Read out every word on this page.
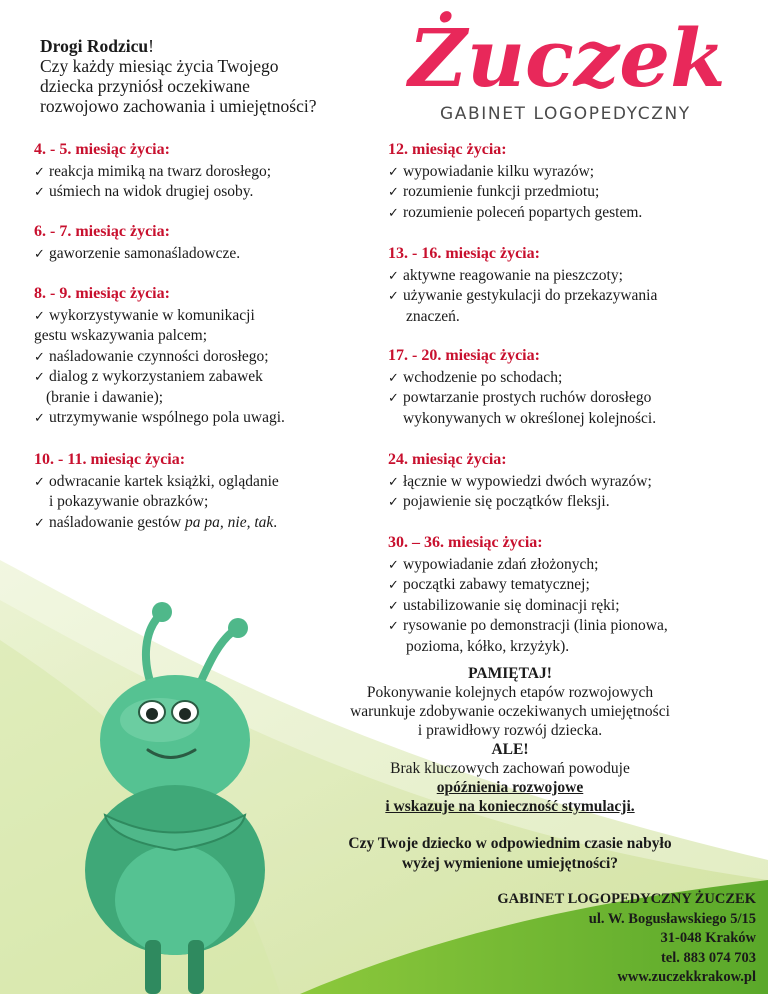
Drogi Rodzicu!
Czy każdy miesiąc życia Twojego
dziecka przyniósł oczekiwane
rozwojowo zachowania i umiejętności?
Żuczek
GABINET LOGOPEDYCZNY
4. - 5. miesiąc życia:
✓ reakcja mimiką na twarz dorosłego;
✓ uśmiech na widok drugiej osoby.
6. - 7. miesiąc życia:
✓ gaworzenie samonaśladowcze.
8. - 9. miesiąc życia:
✓ wykorzystywanie w komunikacji
gestu wskazywania palcem;
✓ naśladowanie czynności dorosłego;
✓ dialog z wykorzystaniem zabawek
(branie i dawanie);
✓ utrzymywanie wspólnego pola uwagi.
10. - 11. miesiąc życia:
✓ odwracanie kartek książki, oglądanie
i pokazywanie obrazków;
✓ naśladowanie gestów pa pa, nie, tak.
12. miesiąc życia:
✓ wypowiadanie kilku wyrazów;
✓ rozumienie funkcji przedmiotu;
✓ rozumienie poleceń popartych gestem.
13. - 16. miesiąc życia:
✓ aktywne reagowanie na pieszczoty;
✓ używanie gestykulacji do przekazywania
znaczeń.
17. - 20. miesiąc życia:
✓ wchodzenie po schodach;
✓ powtarzanie prostych ruchów dorosłego
wykonywanych w określonej kolejności.
24. miesiąc życia:
✓ łącznie w wypowiedzi dwóch wyrazów;
✓ pojawienie się początków fleksji.
30. – 36. miesiąc życia:
✓ wypowiadanie zdań złożonych;
✓ początki zabawy tematycznej;
✓ ustabilizowanie się dominacji ręki;
✓ rysowanie po demonstracji (linia pionowa,
pozioma, kółko, krzyżyk).
PAMIĘTAJ!
Pokonywanie kolejnych etapów rozwojowych
warunkuje zdobywanie oczekiwanych umiejętności
i prawidłowy rozwój dziecka.
ALE!
Brak kluczowych zachowań powoduje
opóźnienia rozwojowe
i wskazuje na konieczność stymulacji.
Czy Twoje dziecko w odpowiednim czasie nabyło
wyżej wymienione umiejętności?
GABINET LOGOPEDYCZNY ŻUCZEK
ul. W. Bogusławskiego 5/15
31-048 Kraków
tel. 883 074 703
www.zuczekkrakow.pl
